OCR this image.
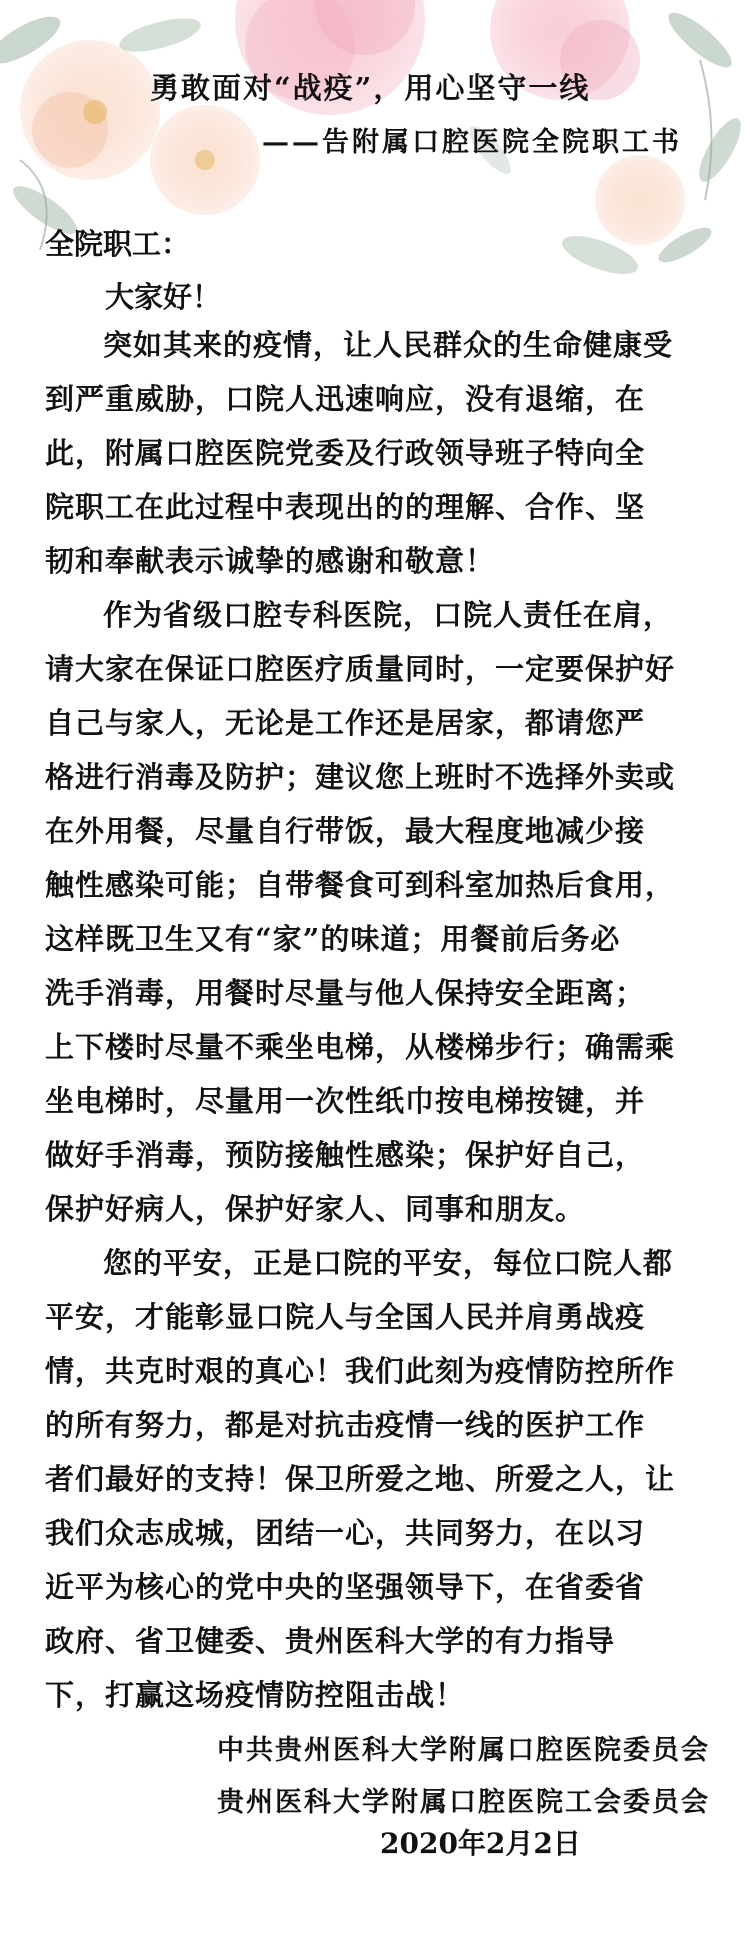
勇敢面对“战疫”，用心坚守一线
——告附属口腔医院全院职工书
全院职工：
大家好！
突如其来的疫情，让人民群众的生命健康受
到严重威胁，口院人迅速响应，没有退缩，在
此，附属口腔医院党委及行政领导班子特向全
院职工在此过程中表现出的的理解、合作、坚
韧和奉献表示诚挚的感谢和敬意！
作为省级口腔专科医院，口院人责任在肩，
请大家在保证口腔医疗质量同时，一定要保护好
自己与家人，无论是工作还是居家，都请您严
格进行消毒及防护；建议您上班时不选择外卖或
在外用餐，尽量自行带饭，最大程度地减少接
触性感染可能；自带餐食可到科室加热后食用，
这样既卫生又有“家”的味道；用餐前后务必
洗手消毒，用餐时尽量与他人保持安全距离；
上下楼时尽量不乘坐电梯，从楼梯步行；确需乘
坐电梯时，尽量用一次性纸巾按电梯按键，并
做好手消毒，预防接触性感染；保护好自己，
保护好病人，保护好家人、同事和朋友。
您的平安，正是口院的平安，每位口院人都
平安，才能彰显口院人与全国人民并肩勇战疫
情，共克时艰的真心！我们此刻为疫情防控所作
的所有努力，都是对抗击疫情一线的医护工作
者们最好的支持！保卫所爱之地、所爱之人，让
我们众志成城，团结一心，共同努力，在以习
近平为核心的党中央的坚强领导下，在省委省
政府、省卫健委、贵州医科大学的有力指导
下，打赢这场疫情防控阻击战！
中共贵州医科大学附属口腔医院委员会
贵州医科大学附属口腔医院工会委员会
2020年2月2日
